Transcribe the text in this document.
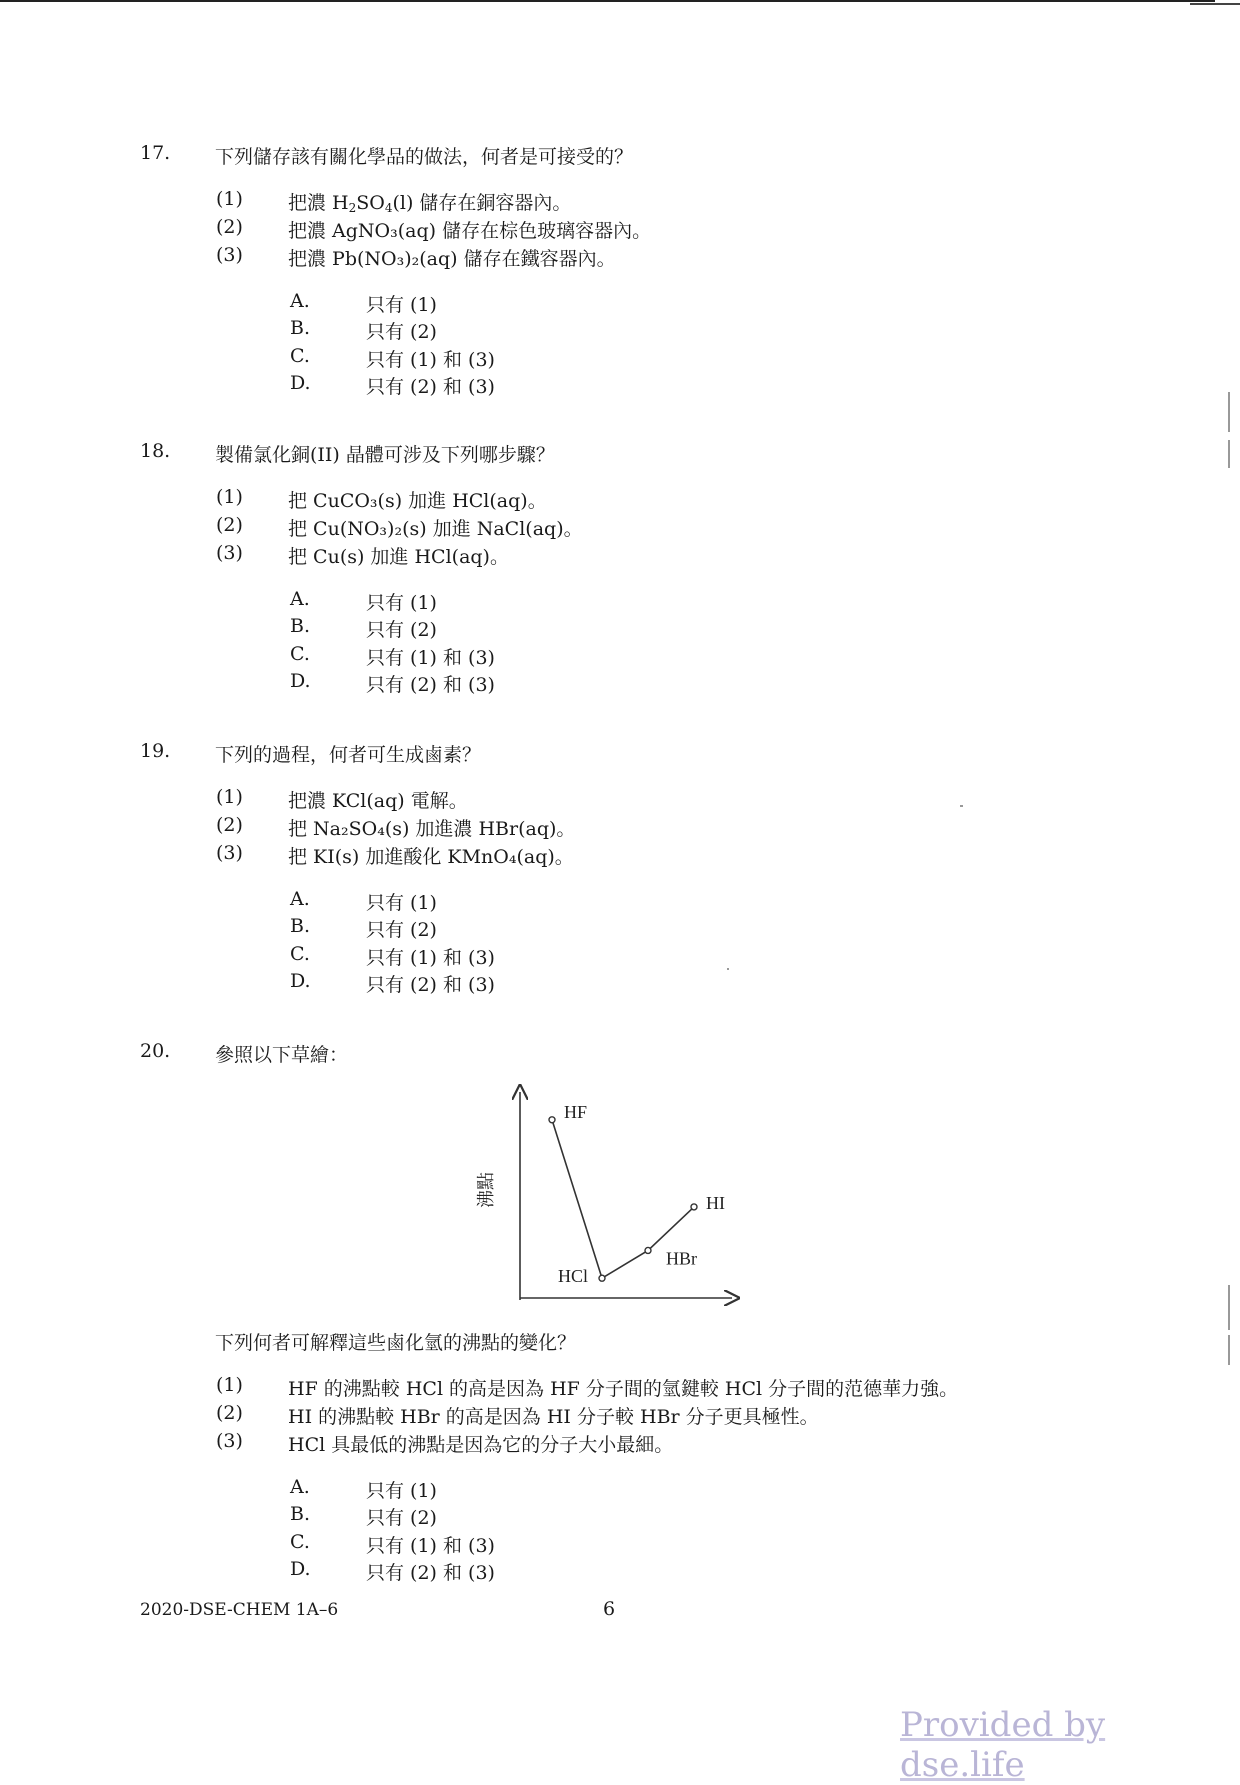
17. 下列儲存該有關化學品的做法，何者是可接受的？
(1) 把濃 $H_2SO_4(l)$ 儲存在銅容器內。
(2) 把濃 AgNO₃(aq) 儲存在棕色玻璃容器內。
(3) 把濃 Pb(NO₃)₂(aq) 儲存在鐵容器內。
A.	只有 (1)
B.	只有 (2)
C.	只有 (1) 和 (3)
D.	只有 (2) 和 (3)
18. 製備氯化銅(II) 晶體可涉及下列哪步驟？
(1) 把 CuCO₃(s) 加進 HCl(aq)。
(2) 把 Cu(NO₃)₂(s) 加進 NaCl(aq)。
(3) 把 Cu(s) 加進 HCl(aq)。
A.	只有 (1)
B.	只有 (2)
C.	只有 (1) 和 (3)
D.	只有 (2) 和 (3)
19. 下列的過程，何者可生成鹵素？
(1) 把濃 KCl(aq) 電解。
(2) 把 Na₂SO₄(s) 加進濃 HBr(aq)。
(3) 把 KI(s) 加進酸化 KMnO₄(aq)。
A.	只有 (1)
B.	只有 (2)
C.	只有 (1) 和 (3)
D.	只有 (2) 和 (3)
20. 參照以下草繪：
沸點
HF
HCl
HBr
HI
下列何者可解釋這些鹵化氫的沸點的變化？
(1) HF 的沸點較 HCl 的高是因為 HF 分子間的氫鍵較 HCl 分子間的范德華力強。
(2) HI 的沸點較 HBr 的高是因為 HI 分子較 HBr 分子更具極性。
(3) HCl 具最低的沸點是因為它的分子大小最細。
A.	只有 (1)
B.	只有 (2)
C.	只有 (1) 和 (3)
D.	只有 (2) 和 (3)
2020-DSE-CHEM 1A–6	6
Provided by dse.life
